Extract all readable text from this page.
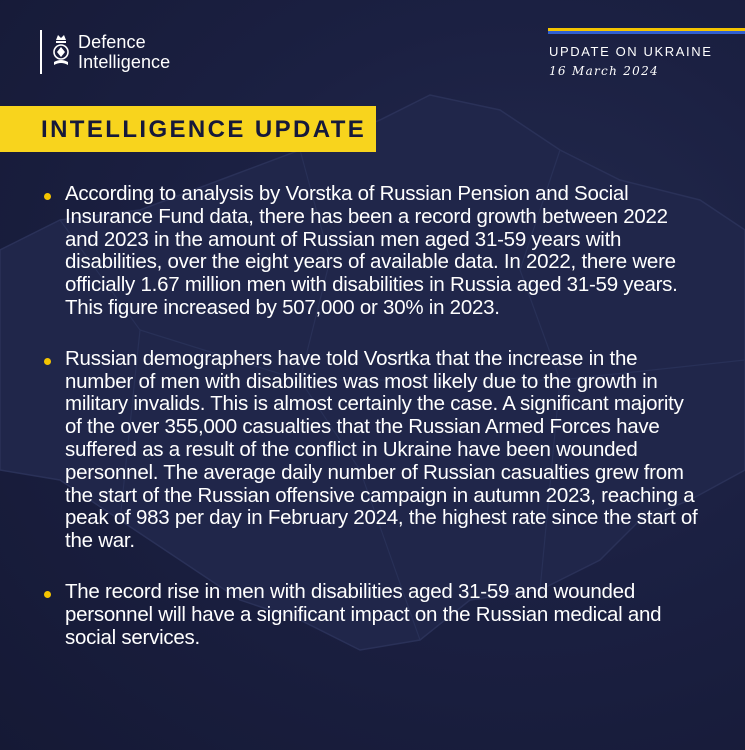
Defence
Intelligence
UPDATE ON UKRAINE
16 March 2024
INTELLIGENCE UPDATE
According to analysis by Vorstka of Russian Pension and Social Insurance Fund data, there has been a record growth between 2022 and 2023 in the amount of Russian men aged 31-59 years with disabilities, over the eight years of available data. In 2022, there were officially 1.67 million men with disabilities in Russia aged 31-59 years. This figure increased by 507,000 or 30% in 2023.
Russian demographers have told Vosrtka that the increase in the number of men with disabilities was most likely due to the growth in military invalids. This is almost certainly the case. A significant majority of the over 355,000 casualties that the Russian Armed Forces have suffered as a result of the conflict in Ukraine have been wounded personnel. The average daily number of Russian casualties grew from the start of the Russian offensive campaign in autumn 2023, reaching a peak of 983 per day in February 2024, the highest rate since the start of the war.
The record rise in men with disabilities aged 31-59 and wounded personnel will have a significant impact on the Russian medical and social services.
